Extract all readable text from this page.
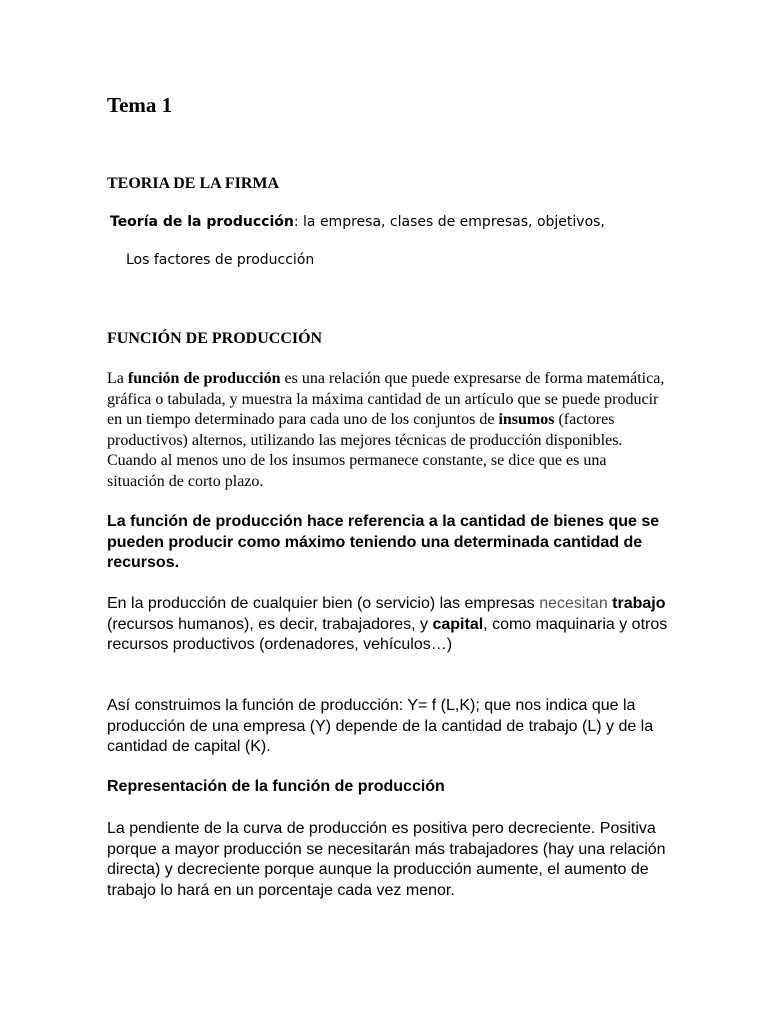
Tema 1
TEORIA DE LA FIRMA
Teoría de la producción: la empresa, clases de empresas, objetivos,
Los factores de producción
FUNCIÓN DE PRODUCCIÓN

La función de producción es una relación que puede expresarse de forma matemática, gráfica o tabulada, y muestra la máxima cantidad de un artículo que se puede producir en un tiempo determinado para cada uno de los conjuntos de insumos (factores productivos) alternos, utilizando las mejores técnicas de producción disponibles. Cuando al menos uno de los insumos permanece constante, se dice que es una situación de corto plazo.

La función de producción hace referencia a la cantidad de bienes que se pueden producir como máximo teniendo una determinada cantidad de recursos.

En la producción de cualquier bien (o servicio) las empresas necesitan trabajo (recursos humanos), es decir, trabajadores, y capital, como maquinaria y otros recursos productivos (ordenadores, vehículos…)

Así construimos la función de producción: Y= f (L,K); que nos indica que la producción de una empresa (Y) depende de la cantidad de trabajo (L) y de la cantidad de capital (K).

Representación de la función de producción

La pendiente de la curva de producción es positiva pero decreciente. Positiva porque a mayor producción se necesitarán más trabajadores (hay una relación directa) y decreciente porque aunque la producción aumente, el aumento de trabajo lo hará en un porcentaje cada vez menor.
